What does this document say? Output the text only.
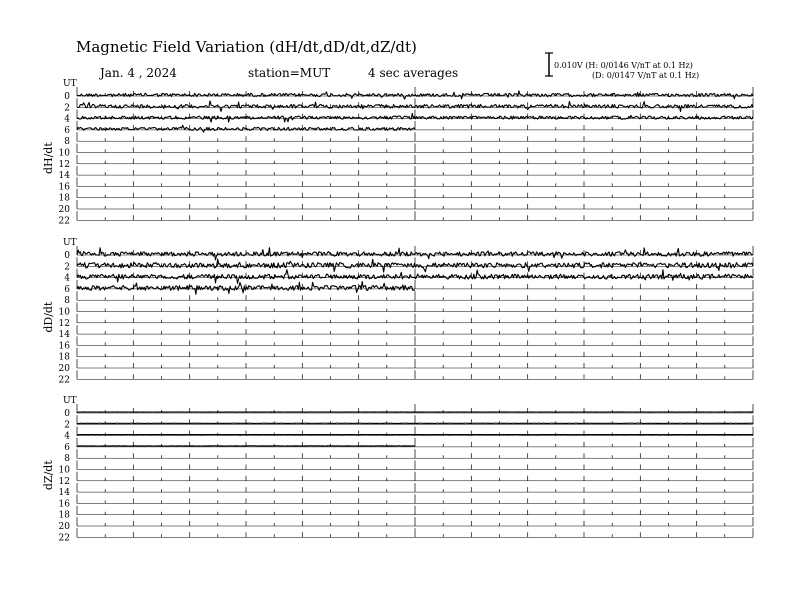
Magnetic Field Variation (dH/dt,dD/dt,dZ/dt)
Jan. 4 , 2024	station=MUT	4 sec averages
0.010V (H: 0/0146 V/nT at 0.1 Hz)
(D: 0/0147 V/nT at 0.1 Hz)
UT
dH/dt
0
2
4
6
8
10
12
14
16
18
20
22
UT
dD/dt
0
2
4
6
8
10
12
14
16
18
20
22
UT
dZ/dt
0
2
4
6
8
10
12
14
16
18
20
22
